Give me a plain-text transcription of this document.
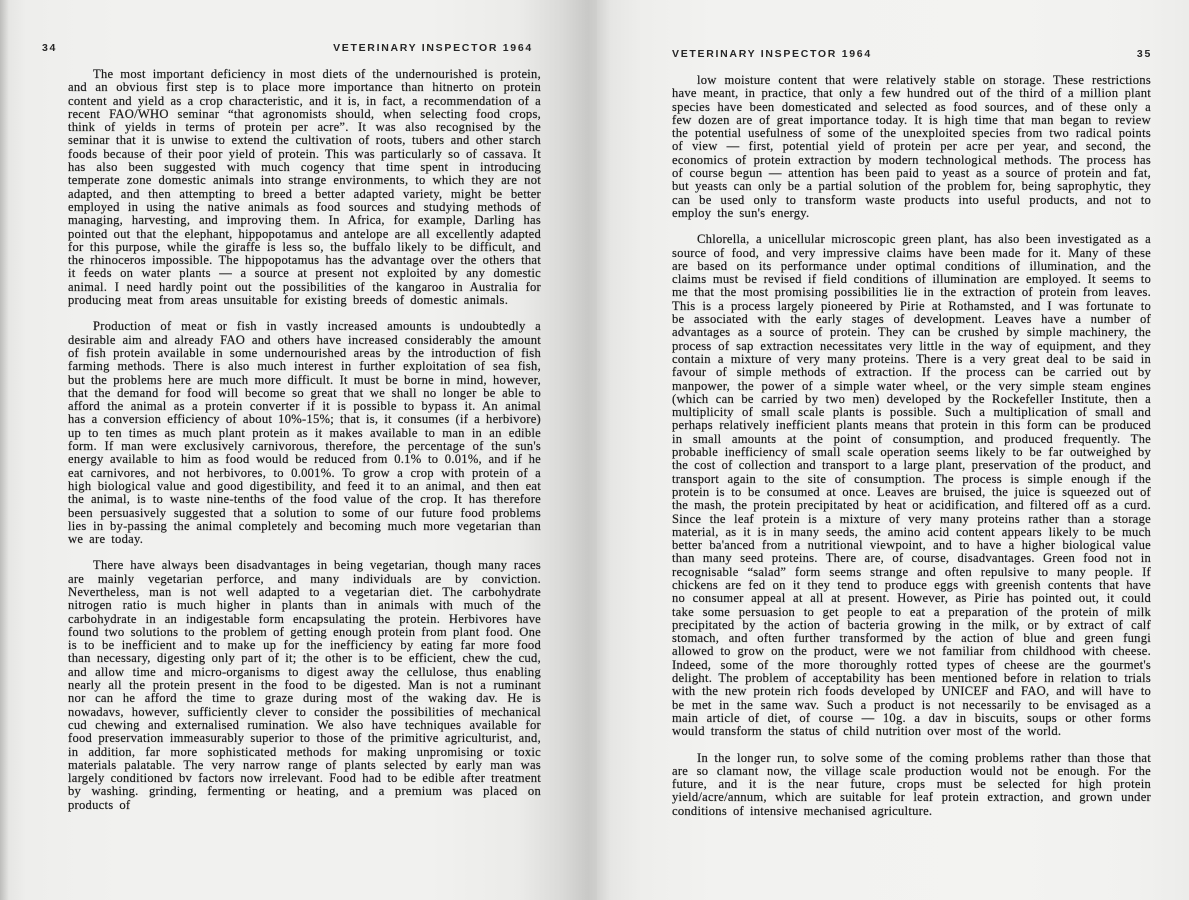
34	VETERINARY INSPECTOR 1964

The most important deficiency in most diets of the undernourished is protein, and an obvious first step is to place more importance than hitnerto on protein content and yield as a crop characteristic, and it is, in fact, a recommendation of a recent FAO/WHO seminar “that agronomists should, when selecting food crops, think of yields in terms of protein per acre”. It was also recognised by the seminar that it is unwise to extend the cultivation of roots, tubers and other starch foods because of their poor yield of protein. This was particularly so of cassava. It has also been suggested with much cogency that time spent in introducing temperate zone domestic animals into strange environments, to which they are not adapted, and then attempting to breed a better adapted variety, might be better employed in using the native animals as food sources and studying methods of managing, harvesting, and improving them. In Africa, for example, Darling has pointed out that the elephant, hippopotamus and antelope are all excellently adapted for this purpose, while the giraffe is less so, the buffalo likely to be difficult, and the rhinoceros impossible. The hippopotamus has the advantage over the others that it feeds on water plants — a source at present not exploited by any domestic animal. I need hardly point out the possibilities of the kangaroo in Australia for producing meat from areas unsuitable for existing breeds of domestic animals.

Production of meat or fish in vastly increased amounts is undoubtedly a desirable aim and already FAO and others have increased considerably the amount of fish protein available in some undernourished areas by the introduction of fish farming methods. There is also much interest in further exploitation of sea fish, but the problems here are much more difficult. It must be borne in mind, however, that the demand for food will become so great that we shall no longer be able to afford the animal as a protein converter if it is possible to bypass it. An animal has a conversion efficiency of about 10%-15%; that is, it consumes (if a herbivore) up to ten times as much plant protein as it makes available to man in an edible form. If man were exclusively carnivorous, therefore, the percentage of the sun's energy available to him as food would be reduced from 0.1% to 0.01%, and if he eat carnivores, and not herbivores, to 0.001%. To grow a crop with protein of a high biological value and good digestibility, and feed it to an animal, and then eat the animal, is to waste nine-tenths of the food value of the crop. It has therefore been persuasively suggested that a solution to some of our future food problems lies in by-passing the animal completely and becoming much more vegetarian than we are today.

There have always been disadvantages in being vegetarian, though many races are mainly vegetarian perforce, and many individuals are by conviction. Nevertheless, man is not well adapted to a vegetarian diet. The carbohydrate nitrogen ratio is much higher in plants than in animals with much of the carbohydrate in an indigestable form encapsulating the protein. Herbivores have found two solutions to the problem of getting enough protein from plant food. One is to be inefficient and to make up for the inefficiency by eating far more food than necessary, digesting only part of it; the other is to be efficient, chew the cud, and allow time and micro-organisms to digest away the cellulose, thus enabling nearly all the protein present in the food to be digested. Man is not a ruminant nor can he afford the time to graze during most of the waking dav. He is nowadavs, however, sufficiently clever to consider the possibilities of mechanical cud chewing and externalised rumination. We also have techniques available for food preservation immeasurably superior to those of the primitive agriculturist, and, in addition, far more sophisticated methods for making unpromising or toxic materials palatable. The very narrow range of plants selected by early man was largely conditioned bv factors now irrelevant. Food had to be edible after treatment by washing. grinding, fermenting or heating, and a premium was placed on products of

VETERINARY INSPECTOR 1964	35

low moisture content that were relatively stable on storage. These restrictions have meant, in practice, that only a few hundred out of the third of a million plant species have been domesticated and selected as food sources, and of these only a few dozen are of great importance today. It is high time that man began to review the potential usefulness of some of the unexploited species from two radical points of view — first, potential yield of protein per acre per year, and second, the economics of protein extraction by modern technological methods. The process has of course begun — attention has been paid to yeast as a source of protein and fat, but yeasts can only be a partial solution of the problem for, being saprophytic, they can be used only to transform waste products into useful products, and not to employ the sun's energy.

Chlorella, a unicellular microscopic green plant, has also been investigated as a source of food, and very impressive claims have been made for it. Many of these are based on its performance under optimal conditions of illumination, and the claims must be revised if field conditions of illumination are employed. It seems to me that the most promising possibilities lie in the extraction of protein from leaves. This is a process largely pioneered by Pirie at Rothamsted, and I was fortunate to be associated with the early stages of development. Leaves have a number of advantages as a source of protein. They can be crushed by simple machinery, the process of sap extraction necessitates very little in the way of equipment, and they contain a mixture of very many proteins. There is a very great deal to be said in favour of simple methods of extraction. If the process can be carried out by manpower, the power of a simple water wheel, or the very simple steam engines (which can be carried by two men) developed by the Rockefeller Institute, then a multiplicity of small scale plants is possible. Such a multiplication of small and perhaps relatively inefficient plants means that protein in this form can be produced in small amounts at the point of consumption, and produced frequently. The probable inefficiency of small scale operation seems likely to be far outweighed by the cost of collection and transport to a large plant, preservation of the product, and transport again to the site of consumption. The process is simple enough if the protein is to be consumed at once. Leaves are bruised, the juice is squeezed out of the mash, the protein precipitated by heat or acidification, and filtered off as a curd. Since the leaf protein is a mixture of very many proteins rather than a storage material, as it is in many seeds, the amino acid content appears likely to be much better ba'anced from a nutritional viewpoint, and to have a higher biological value than many seed proteins. There are, of course, disadvantages. Green food not in recognisable “salad” form seems strange and often repulsive to many people. If chickens are fed on it they tend to produce eggs with greenish contents that have no consumer appeal at all at present. However, as Pirie has pointed out, it could take some persuasion to get people to eat a preparation of the protein of milk precipitated by the action of bacteria growing in the milk, or by extract of calf stomach, and often further transformed by the action of blue and green fungi allowed to grow on the product, were we not familiar from childhood with cheese. Indeed, some of the more thoroughly rotted types of cheese are the gourmet's delight. The problem of acceptability has been mentioned before in relation to trials with the new protein rich foods developed by UNICEF and FAO, and will have to be met in the same wav. Such a product is not necessarily to be envisaged as a main article of diet, of course — 10g. a dav in biscuits, soups or other forms would transform the status of child nutrition over most of the world.

In the longer run, to solve some of the coming problems rather than those that are so clamant now, the village scale production would not be enough. For the future, and it is the near future, crops must be selected for high protein yield/acre/annum, which are suitable for leaf protein extraction, and grown under conditions of intensive mechanised agriculture.
